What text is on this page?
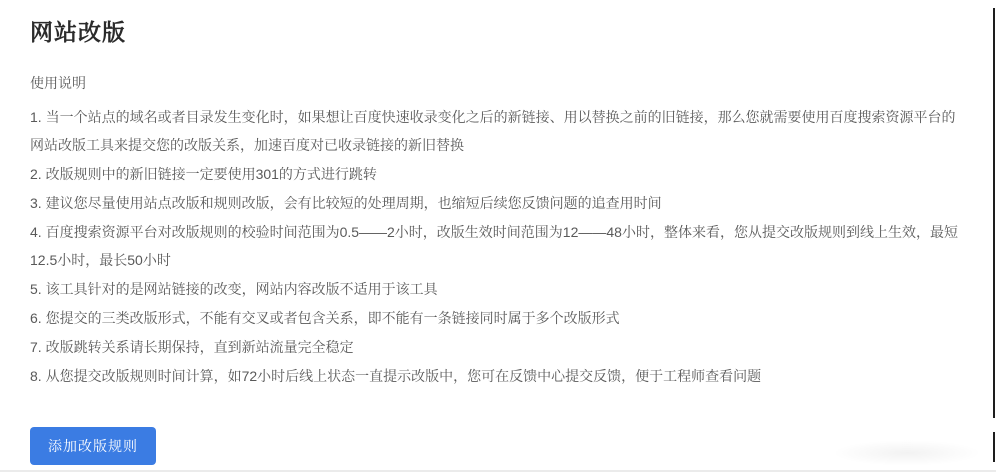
网站改版
使用说明

1. 当一个站点的域名或者目录发生变化时，如果想让百度快速收录变化之后的新链接、用以替换之前的旧链接，那么您就需要使用百度搜索资源平台的网站改版工具来提交您的改版关系，加速百度对已收录链接的新旧替换

2. 改版规则中的新旧链接一定要使用301的方式进行跳转

3. 建议您尽量使用站点改版和规则改版，会有比较短的处理周期，也缩短后续您反馈问题的追查用时间

4. 百度搜索资源平台对改版规则的校验时间范围为0.5——2小时，改版生效时间范围为12——48小时，整体来看，您从提交改版规则到线上生效，最短12.5小时，最长50小时

5. 该工具针对的是网站链接的改变，网站内容改版不适用于该工具

6. 您提交的三类改版形式，不能有交叉或者包含关系，即不能有一条链接同时属于多个改版形式

7. 改版跳转关系请长期保持，直到新站流量完全稳定

8. 从您提交改版规则时间计算，如72小时后线上状态一直提示改版中，您可在反馈中心提交反馈，便于工程师查看问题

添加改版规则
